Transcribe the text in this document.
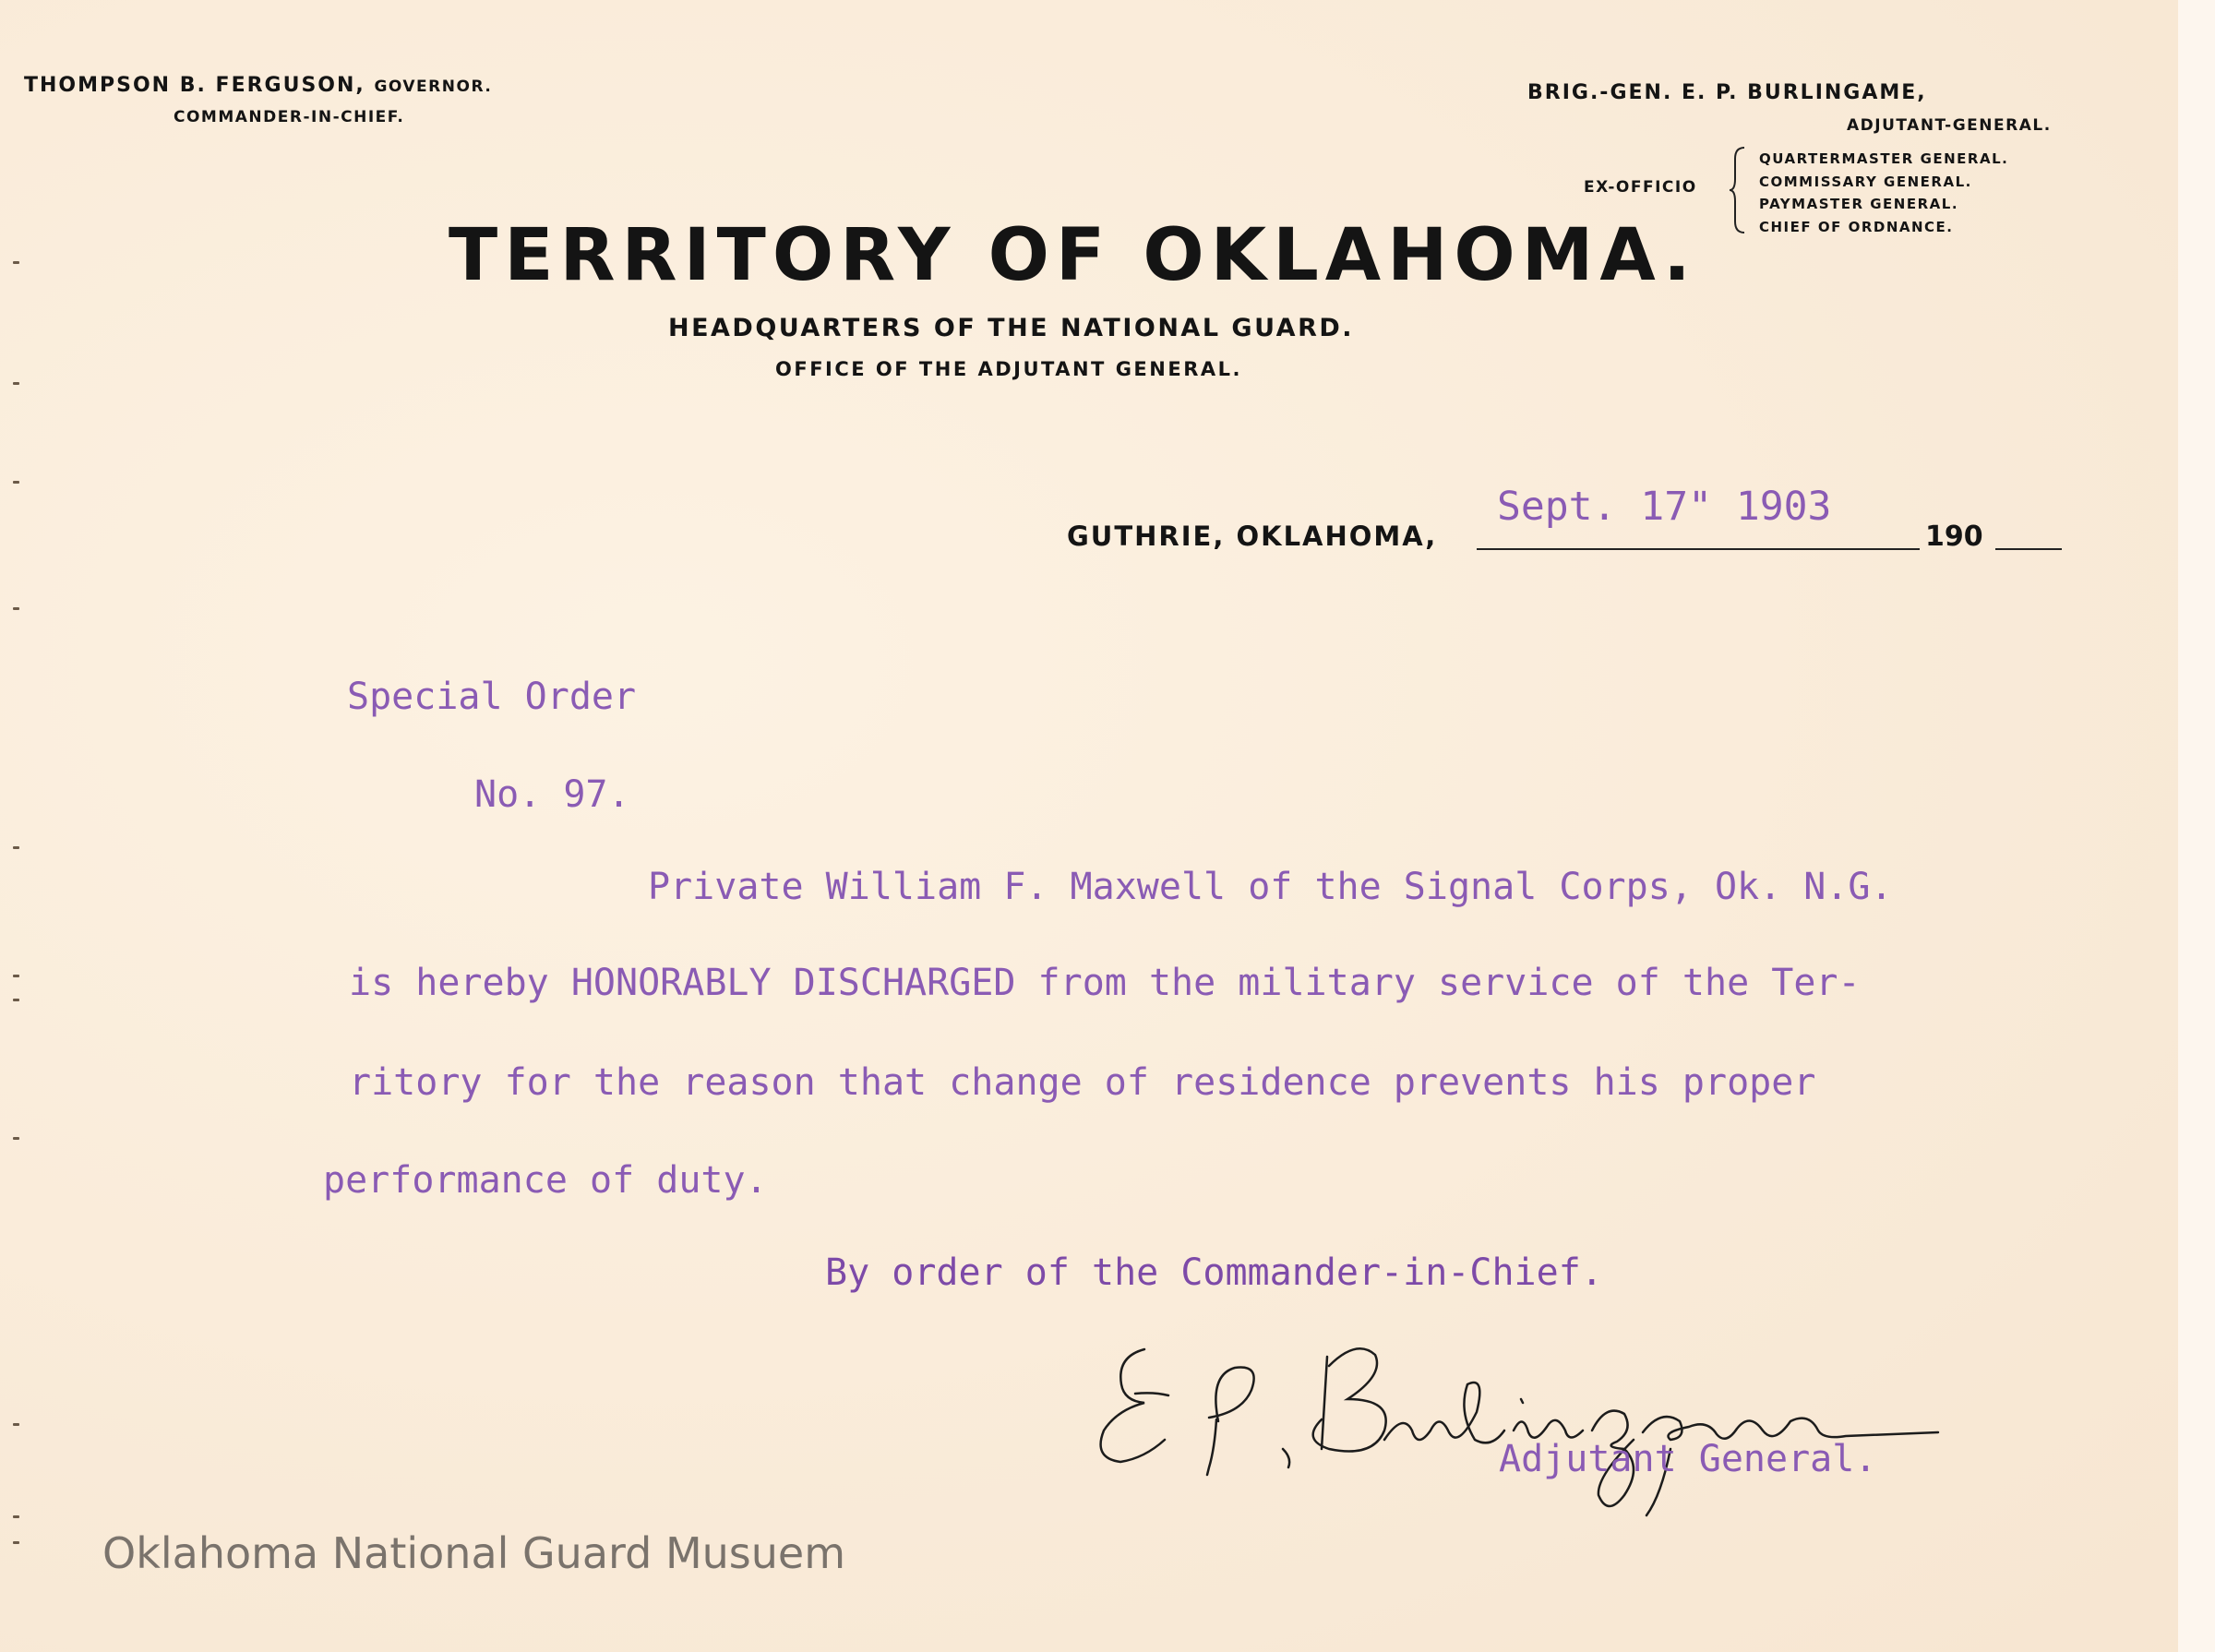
THOMPSON B. FERGUSON, GOVERNOR.
COMMANDER-IN-CHIEF.
BRIG.-GEN. E. P. BURLINGAME,
ADJUTANT-GENERAL.
EX-OFFICIO
QUARTERMASTER GENERAL.
COMMISSARY GENERAL.
PAYMASTER GENERAL.
CHIEF OF ORDNANCE.
TERRITORY OF OKLAHOMA.
HEADQUARTERS OF THE NATIONAL GUARD.
OFFICE OF THE ADJUTANT GENERAL.
GUTHRIE, OKLAHOMA,
Sept. 17" 1903
190
Special Order
No. 97.
Private William F. Maxwell of the Signal Corps, Ok. N.G.
is hereby HONORABLY DISCHARGED from the military service of the Ter-
ritory for the reason that change of residence prevents his proper
performance of duty.
By order of the Commander-in-Chief.
Adjutant General.
Oklahoma National Guard Musuem
